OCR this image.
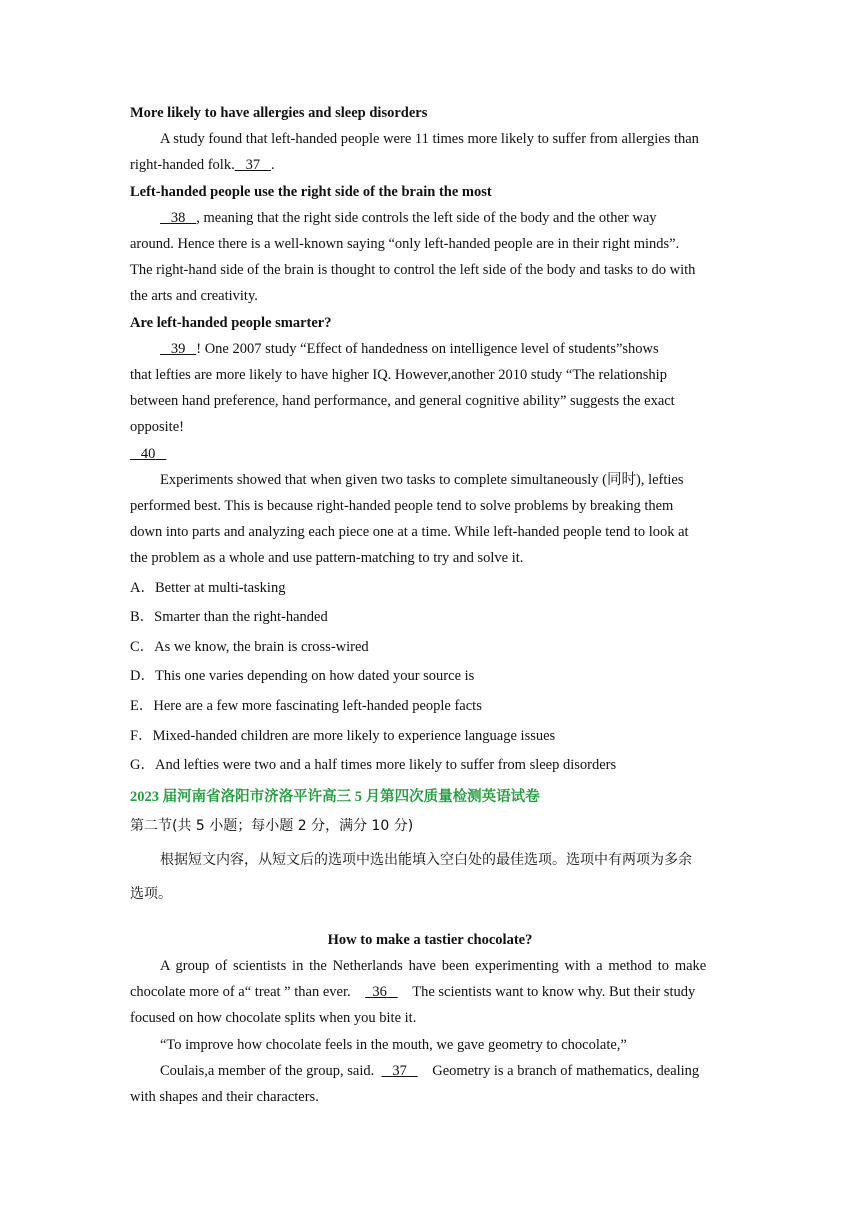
More likely to have allergies and sleep disorders

A study found that left-handed people were 11 times more likely to suffer from allergies than

right-handed folk. 37 .

Left-handed people use the right side of the brain the most

38 , meaning that the right side controls the left side of the body and the other way

around. Hence there is a well-known saying “only left-handed people are in their right minds”.

The right-hand side of the brain is thought to control the left side of the body and tasks to do with

the arts and creativity.

Are left-handed people smarter?

39 ! One 2007 study “Effect of handedness on intelligence level of students”shows

that lefties are more likely to have higher IQ. However,another 2010 study “The relationship

between hand preference, hand performance, and general cognitive ability” suggests the exact

opposite!

40

Experiments showed that when given two tasks to complete simultaneously (同时), lefties

performed best. This is because right-handed people tend to solve problems by breaking them

down into parts and analyzing each piece one at a time. While left-handed people tend to look at

the problem as a whole and use pattern-matching to try and solve it.

A．Better at multi-tasking

B．Smarter than the right-handed

C．As we know, the brain is cross-wired

D．This one varies depending on how dated your source is

E．Here are a few more fascinating left-handed people facts

F．Mixed-handed children are more likely to experience language issues

G．And lefties were two and a half times more likely to suffer from sleep disorders

2023 届河南省洛阳市济洛平许高三 5 月第四次质量检测英语试卷

第二节(共 5 小题；每小题 2 分，满分 10 分)

根据短文内容，从短文后的选项中选出能填入空白处的最佳选项。选项中有两项为多余

选项。

How to make a tastier chocolate?

A group of scientists in the Netherlands have been experimenting with a method to make

chocolate more of a“ treat ” than ever. 36 The scientists want to know why. But their study

focused on how chocolate splits when you bite it.

“To improve how chocolate feels in the mouth, we gave geometry to chocolate,”

Coulais,a member of the group, said. 37 Geometry is a branch of mathematics, dealing

with shapes and their characters.
